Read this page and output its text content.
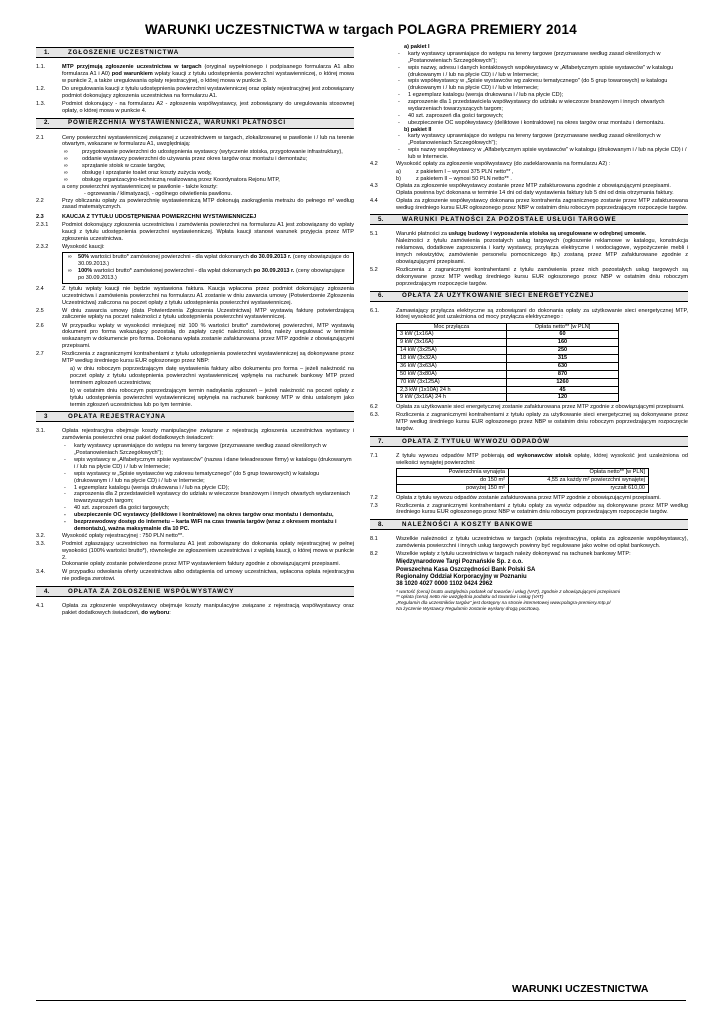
WARUNKI UCZESTNICTWA w targach POLAGRA PREMIERY 2014
1.	ZGŁOSZENIE UCZESTNICTWA
1.1.	MTP przyjmują zgłoszenie uczestnictwa w targach (oryginał wypełnionego i podpisanego formularza A1 albo formularza A1 i A0) pod warunkiem wpłaty kaucji z tytułu udostępnienia powierzchni wystawienniczej, o której mowa w punkcie 2, a także uregulowania opłaty rejestracyjnej, o której mowa w punkcie 3.
1.2.	Do uregulowania kaucji z tytułu udostępnienia powierzchni wystawienniczej oraz opłaty rejestracyjnej jest zobowiązany podmiot dokonujący zgłoszenia uczestnictwa na formularzu A1.
1.3.	Podmiot dokonujący - na formularzu A2 - zgłoszenia współwystawcy, jest zobowiązany do uregulowania stosownej opłaty, o której mowa w punkcie 4.
2.	POWIERZCHNIA WYSTAWIENNICZA, WARUNKI PŁATNOŚCI
2.1	Ceny powierzchni wystawienniczej związanej z uczestnictwem w targach, zlokalizowanej w pawilonie i / lub na terenie otwartym, wskazane w formularzu A1, uwzględniają:
∞	przygotowanie powierzchni do udostępnienia wystawcy (wytyczenie stoiska, przygotowanie infrastruktury),
∞	oddanie wystawcy powierzchni do używania przez okres targów oraz montażu i demontażu;
∞	sprzątanie stoisk w czasie targów,
∞	obsługę i sprzątanie toalet oraz koszty zużycia wody,
∞	obsługę organizacyjno-techniczną realizowaną przez Koordynatora Rejonu MTP,
a ceny powierzchni wystawienniczej w pawilonie - także koszty:
- ogrzewania / klimatyzacji, - ogólnego oświetlenia pawilonu.
2.2	Przy obliczaniu opłaty za powierzchnię wystawienniczą MTP dokonują zaokrąglenia metrażu do pełnego m² według zasad matematycznych.
2.3	KAUCJA Z TYTUŁU UDOSTĘPNIENIA POWIERZCHNI WYSTAWIENNICZEJ
2.3.1	Podmiot dokonujący zgłoszenia uczestnictwa i zamówienia powierzchni na formularzu A1 jest zobowiązany do wpłaty kaucji z tytułu udostępnienia powierzchni wystawienniczej. Wpłata kaucji stanowi warunek przyjęcia przez MTP zgłoszenia uczestnictwa.
2.3.2	Wysokość kaucji:
∞	50% wartości brutto* zamówionej powierzchni - dla wpłat dokonanych do 30.09.2013 r. (ceny obowiązujące do 30.09.2013.)
∞	100% wartości brutto* zamówionej powierzchni - dla wpłat dokonanych po 30.09.2013 r. (ceny obowiązujące po 30.09.2013.)
2.4	Z tytułu wpłaty kaucji nie będzie wystawiona faktura. Kaucja wpłacona przez podmiot dokonujący zgłoszenia uczestnictwa i zamówienia powierzchni na formularzu A1 zostanie w dniu zawarcia umowy (Potwierdzenie Zgłoszenia Uczestnictwa) zaliczona na poczet opłaty z tytułu udostępnienia powierzchni wystawienniczej.
2.5	W dniu zawarcia umowy (data Potwierdzenia Zgłoszenia Uczestnictwa) MTP wystawią fakturę potwierdzającą zaliczenie wpłaty na poczet należności z tytułu udostępnienia powierzchni wystawienniczej.
2.6	W przypadku wpłaty w wysokości mniejszej niż 100 % wartości brutto* zamówionej powierzchni, MTP wystawią dokument pro forma wskazujący pozostałą do zapłaty część należności, którą należy uregulować w terminie wskazanym w dokumencie pro forma. Dokonana wpłata zostanie zafakturowana przez MTP zgodnie z obowiązującymi przepisami.
2.7	Rozliczenia z zagranicznymi kontrahentami z tytułu udostępnienia powierzchni wystawienniczej są dokonywane przez MTP według średniego kursu EUR ogłoszonego przez NBP:
a) w dniu roboczym poprzedzającym datę wystawienia faktury albo dokumentu pro forma – jeżeli należność na poczet opłaty z tytułu udostępnienia powierzchni wystawienniczej wpłynęła na rachunek bankowy MTP przed terminem zgłoszeń uczestnictwa;
b) w ostatnim dniu roboczym poprzedzającym termin nadsyłania zgłoszeń – jeżeli należność na poczet opłaty z tytułu udostępnienia powierzchni wystawienniczej wpłynęła na rachunek bankowy MTP w dniu ustalonym jako termin zgłoszeń uczestnictwa lub po tym terminie.
3	OPŁATA REJESTRACYJNA
3.1.	Opłata rejestracyjna obejmuje koszty manipulacyjne związane z rejestracją zgłoszenia uczestnictwa wystawcy i zamówienia powierzchni oraz pakiet dodatkowych świadczeń:
-	karty wystawcy uprawniające do wstępu na tereny targowe (przyznawane według zasad określonych w „Postanowieniach Szczegółowych");
-	wpis wystawcy w „Alfabetycznym spisie wystawców" (nazwa i dane teleadresowe firmy) w katalogu (drukowanym i / lub na płycie CD) i / lub w Internecie;
-	wpis wystawcy w „Spisie wystawców wg zakresu tematycznego" (do 5 grup towarowych) w katalogu (drukowanym i / lub na płycie CD) i / lub w Internecie;
-	1 egzemplarz katalogu (wersja drukowana i / lub na płycie CD);
-	zaproszenia dla 2 przedstawicieli wystawcy do udziału w wieczorze branżowym i innych otwartych wydarzeniach towarzyszących targom;
-	40 szt. zaproszeń dla gości targowych;
-	ubezpieczenie OC wystawcy (deliktowe i kontraktowe) na okres targów oraz montażu i demontażu,
-	bezprzewodowy dostęp do internetu – karta WiFi na czas trwania targów (wraz z okresem montażu i demontażu), ważna maksymalnie dla 10 PC.
3.2.	Wysokość opłaty rejestracyjnej : 750 PLN netto**.
3.3.	Podmiot zgłaszający uczestnictwo na formularzu A1 jest zobowiązany do dokonania opłaty rejestracyjnej w pełnej wysokości (100% wartości brutto*), równolegle ze zgłoszeniem uczestnictwa i z wpłatą kaucji, o której mowa w punkcie 2.
Dokonanie opłaty zostanie potwierdzone przez MTP wystawieniem faktury zgodnie z obowiązującymi przepisami.
3.4.	W przypadku odwołania oferty uczestnictwa albo odstąpienia od umowy uczestnictwa, wpłacona opłata rejestracyjna nie podlega zwrotowi.
4.	OPŁATA ZA ZGŁOSZENIE WSPÓŁWYSTAWCY
4.1	Opłata za zgłoszenie współwystawcy obejmuje koszty manipulacyjne związane z rejestracją współwystawcy oraz pakiet dodatkowych świadczeń, do wyboru:
a) pakiet I
-	karty wystawcy uprawniające do wstępu na tereny targowe (przyznawane według zasad określonych w „Postanowieniach Szczegółowych");
-	wpis nazwy, adresu i danych kontaktowych współwystawcy w „Alfabetycznym spisie wystawców" w katalogu (drukowanym i / lub na płycie CD) i / lub w Internecie;
-	wpis współwystawcy w „Spisie wystawców wg zakresu tematycznego" (do 5 grup towarowych) w katalogu (drukowanym i / lub na płycie CD) i / lub w Internecie;
-	1 egzemplarz katalogu (wersja drukowana i / lub na płycie CD);
-	zaproszenie dla 1 przedstawiciela współwystawcy do udziału w wieczorze branżowym i innych otwartych wydarzeniach towarzyszących targom;
-	40 szt. zaproszeń dla gości targowych;
-	ubezpieczenie OC współwystawcy (deliktowe i kontraktowe) na okres targów oraz montażu i demontażu.
b) pakiet II
-	karty wystawcy uprawniające do wstępu na tereny targowe (przyznawane według zasad określonych w „Postanowieniach Szczegółowych");
-	wpis nazwy współwystawcy w „Alfabetycznym spisie wystawców" w katalogu (drukowanym i / lub na płycie CD) i / lub w Internecie.
4.2	Wysokość opłaty za zgłoszenie współwystawcy (do zadeklarowania na formularzu A2) :
a)	z pakietem I – wynosi 375 PLN netto** ,
b)	z pakietem II – wynosi 50 PLN netto** .
4.3	Opłata za zgłoszenie współwystawcy zostanie przez MTP zafakturowana zgodnie z obowiązującymi przepisami.
Opłata powinna być dokonana w terminie 14 dni od daty wystawienia faktury lub 5 dni od dnia otrzymania faktury.
4.4	Opłata za zgłoszenie współwystawcy dokonana przez kontrahenta zagranicznego zostanie przez MTP zafakturowana według średniego kursu EUR ogłoszonego przez NBP w ostatnim dniu roboczym poprzedzającym rozpoczęcie targów.
5.	WARUNKI PŁATNOŚCI ZA POZOSTAŁE USŁUGI TARGOWE
5.1	Warunki płatności za usługę budowy i wyposażenia stoiska są uregulowane w odrębnej umowie.
Należności z tytułu zamówienia pozostałych usług targowych (ogłoszenie reklamowe w katalogu, konstrukcja reklamowa, dodatkowe zaproszenia i karty wystawcy, przyłącza elektryczne i wodociągowe, wypożyczenie mebli i innych rekwizytów, zamówienie personelu pomocniczego itp.) zostaną przez MTP zafakturowane zgodnie z obowiązującymi przepisami.
5.2	Rozliczenia z zagranicznymi kontrahentami z tytułu zamówienia przez nich pozostałych usług targowych są dokonywane przez MTP według średniego kursu EUR ogłoszonego przez NBP w ostatnim dniu roboczym poprzedzającym rozpoczęcie targów.
6.	OPŁATA ZA UŻYTKOWANIE SIECI ENERGETYCZNEJ
6.1.	Zamawiający przyłącza elektryczne są zobowiązani do dokonania opłaty za użytkowanie sieci energetycznej MTP, której wysokość jest uzależniona od mocy przyłącza elektrycznego :
Moc przyłącza	Opłata netto** [w PLN]
3 kW (1x16A)	60
9 kW (3x16A)	160
14 kW (3x25A)	250
18 kW (3x32A)	315
36 kW (3x63A)	630
50 kW (3x80A)	870
70 kW (3x125A)	1260
2,3 kW (1x10A) 24 h	45
9 kW (3x16A) 24 h	120
6.2	Opłata za użytkowanie sieci energetycznej zostanie zafakturowana przez MTP zgodnie z obowiązującymi przepisami.
6.3.	Rozliczenia z zagranicznymi kontrahentami z tytułu opłaty za użytkowanie sieci energetycznej są dokonywane przez MTP według średniego kursu EUR ogłoszonego przez NBP w ostatnim dniu roboczym poprzedzającym rozpoczęcie targów.
7.	OPŁATA Z TYTUŁU WYWOZU ODPADÓW
7.1	Z tytułu wywozu odpadów MTP pobierają od wykonawców stoisk opłatę, której wysokość jest uzależniona od wielkości wynajętej powierzchni:
Powierzchnia wynajęta	Opłata netto** [w PLN]
do 150 m²	4,55 za każdy m² powierzchni wynajętej
powyżej 150 m²	ryczałt 610,00
7.2	Opłata z tytułu wywozu odpadów zostanie zafakturowana przez MTP zgodnie z obowiązującymi przepisami.
7.3	Rozliczenia z zagranicznymi kontrahentami z tytułu opłaty za wywóz odpadów są dokonywane przez MTP według średniego kursu EUR ogłoszonego przez NBP w ostatnim dniu roboczym poprzedzającym rozpoczęcie targów.
8.	NALEŻNOŚCI A KOSZTY BANKOWE
8.1	Wszelkie należności z tytułu uczestnictwa w targach (opłata rejestracyjna, opłata za zgłoszenie współwystawcy), zamówienia powierzchni i innych usług targowych powinny być regulowane jako wolne od opłat bankowych.
8.2	Wszelkie wpłaty z tytułu uczestnictwa w targach należy dokonywać na rachunek bankowy MTP:
Międzynarodowe Targi Poznańskie Sp. z o.o.
Powszechna Kasa Oszczędności Bank Polski SA
Regionalny Oddział Korporacyjny w Poznaniu
38 1020 4027 0000 1102 0424 2962
* wartość (cena) brutto uwzględnia podatek od towarów i usług (VAT), zgodnie z obowiązującymi przepisami
** opłata (cena) netto nie uwzględnia podatku od towarów i usług (VAT)
„Regulamin dla uczestników targów" jest dostępny na stronie internetowej www.polagra-premiery.mtp.pl
Na życzenie Wystawcy Regulamin zostanie wysłany drogą pocztową.
WARUNKI UCZESTNICTWA
